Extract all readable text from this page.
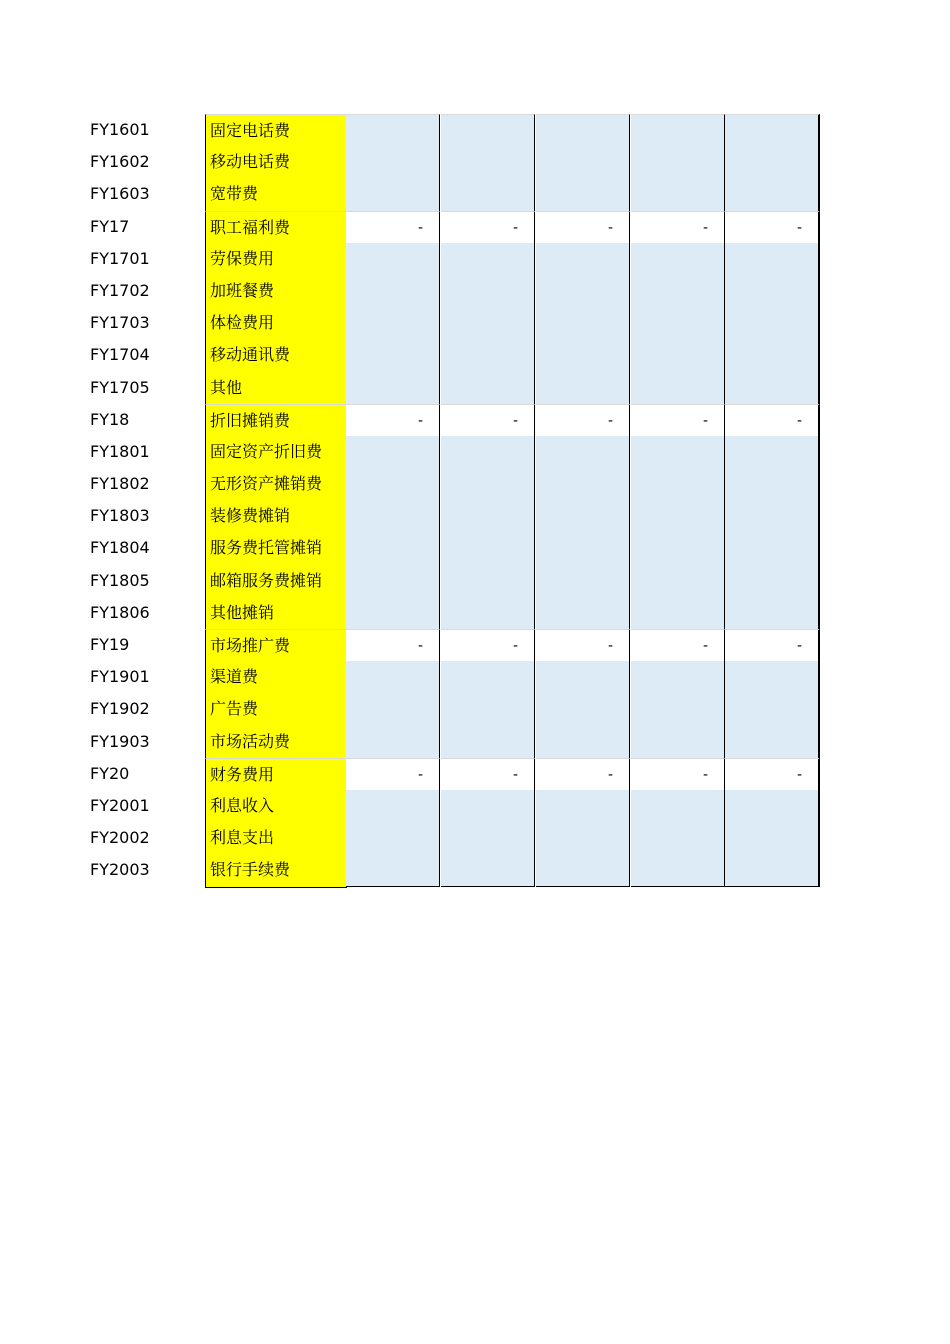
FY1601	固定电话费
FY1602	移动电话费
FY1603	宽带费
FY17	职工福利费	-	-	-	-	-
FY1701	劳保费用
FY1702	加班餐费
FY1703	体检费用
FY1704	移动通讯费
FY1705	其他
FY18	折旧摊销费	-	-	-	-	-
FY1801	固定资产折旧费
FY1802	无形资产摊销费
FY1803	装修费摊销
FY1804	服务费托管摊销
FY1805	邮箱服务费摊销
FY1806	其他摊销
FY19	市场推广费	-	-	-	-	-
FY1901	渠道费
FY1902	广告费
FY1903	市场活动费
FY20	财务费用	-	-	-	-	-
FY2001	利息收入
FY2002	利息支出
FY2003	银行手续费
